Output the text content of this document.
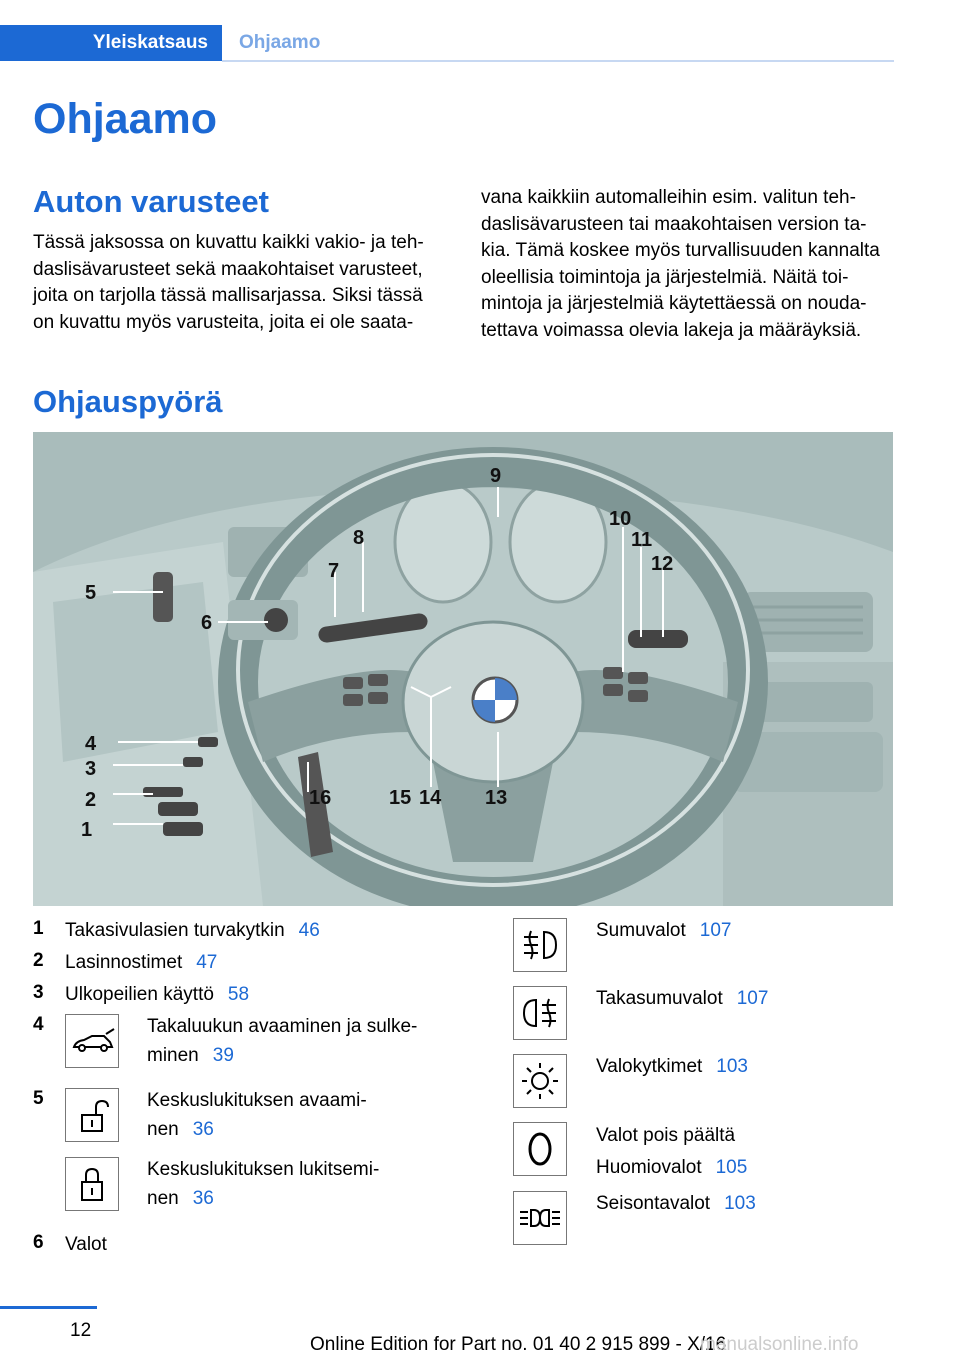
Yleiskatsaus	Ohjaamo
Ohjaamo
Auton varusteet
Tässä jaksossa on kuvattu kaikki vakio- ja teh‐
daslisävarusteet sekä maakohtaiset varusteet,
joita on tarjolla tässä mallisarjassa. Siksi tässä
on kuvattu myös varusteita, joita ei ole saata‐
vana kaikkiin automalleihin esim. valitun teh‐
daslisävarusteen tai maakohtaisen version ta‐
kia. Tämä koskee myös turvallisuuden kannalta
oleellisia toimintoja ja järjestelmiä. Näitä toi‐
mintoja ja järjestelmiä käytettäessä on nouda‐
tettava voimassa olevia lakeja ja määräyksiä.
Ohjauspyörä
1
2
3
4
5
6
7
8
9
10
11
12
13
14
15
16
1 Takasivulasien turvakytkin 46
2 Lasinnostimet 47
3 Ulkopeilien käyttö 58
4	Takaluukun avaaminen ja sulke‐
minen 39
5	Keskuslukituksen avaami‐
nen 36
Keskuslukituksen lukitsemi‐
nen 36
6 Valot
Sumuvalot 107
Takasumuvalot 107
Valokytkimet 103
Valot pois päältä
Huomiovalot 105
Seisontavalot 103
12
Online Edition for Part no. 01 40 2 915 899 - X/16
manualsonline.info
